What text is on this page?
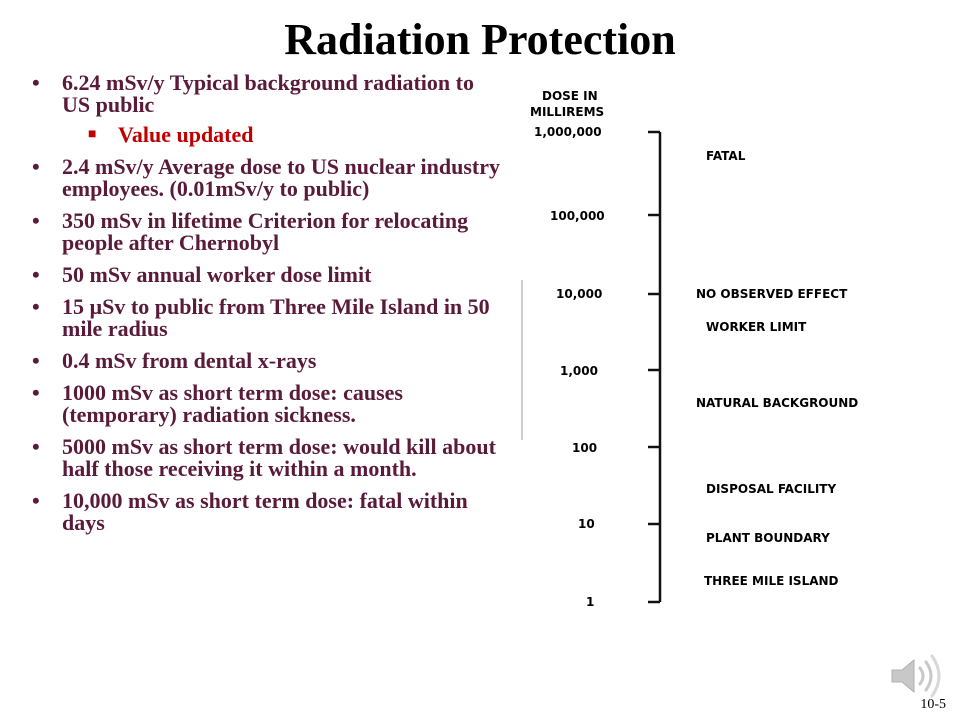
Radiation Protection
• 6.24 mSv/y Typical background radiation to US public
■ Value updated
• 2.4 mSv/y Average dose to US nuclear industry employees. (0.01mSv/y to public)
• 350 mSv in lifetime Criterion for relocating people after Chernobyl
• 50 mSv annual worker dose limit
• 15 µSv to public from Three Mile Island in 50 mile radius
• 0.4 mSv from dental x-rays
• 1000 mSv as short term dose: causes (temporary) radiation sickness.
• 5000 mSv as short term dose: would kill about half those receiving it within a month.
• 10,000 mSv as short term dose: fatal within days
DOSE IN
MILLIREMS
1,000,000
100,000
10,000
1,000
100
10
1
FATAL
NO OBSERVED EFFECT
WORKER LIMIT
NATURAL BACKGROUND
DISPOSAL FACILITY
PLANT BOUNDARY
THREE MILE ISLAND
10-5
